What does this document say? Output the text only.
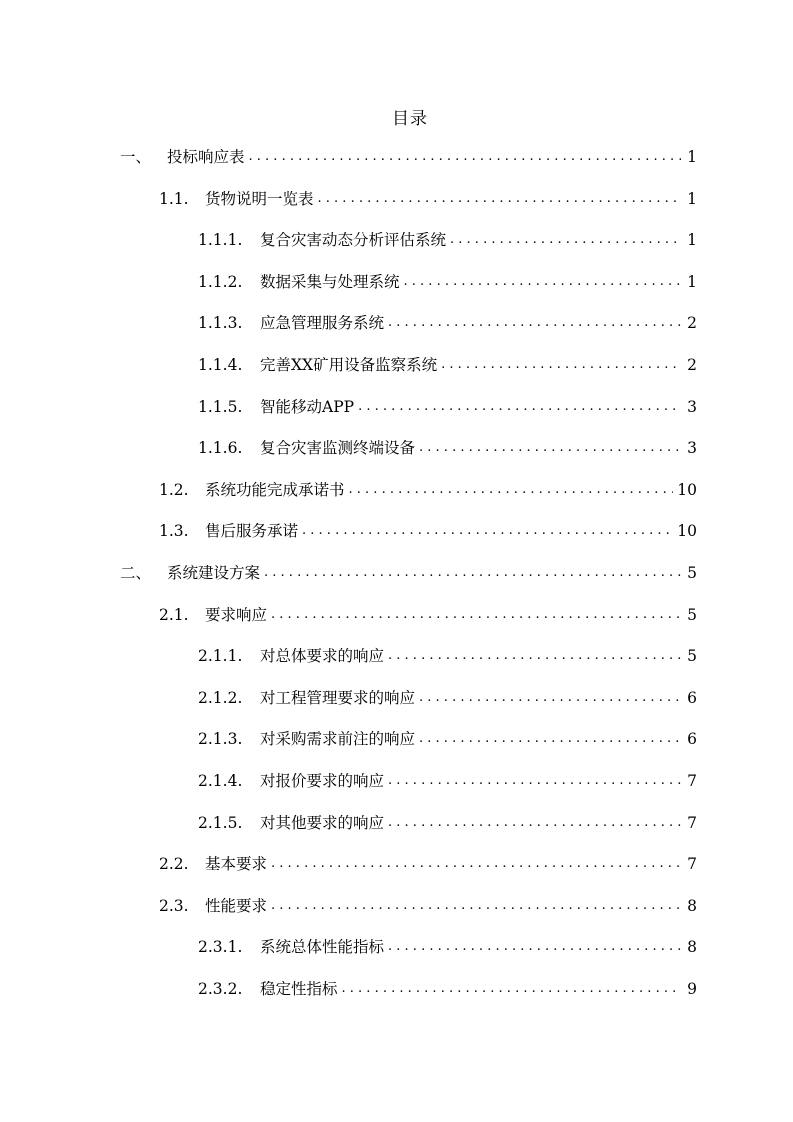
目录
一、	投标响应表 . . .	1
1.1.	货物说明一览表 . . .	1
1.1.1.	复合灾害动态分析评估系统 . . .	1
1.1.2.	数据采集与处理系统 . . .	1
1.1.3.	应急管理服务系统 . . .	2
1.1.4.	完善XX矿用设备监察系统 . . .	2
1.1.5.	智能移动APP . . .	3
1.1.6.	复合灾害监测终端设备 . . .	3
1.2.	系统功能完成承诺书 . . .	10
1.3.	售后服务承诺 . . .	10
二、	系统建设方案 . . .	5
2.1.	要求响应 . . .	5
2.1.1.	对总体要求的响应 . . .	5
2.1.2.	对工程管理要求的响应 . . .	6
2.1.3.	对采购需求前注的响应 . . .	6
2.1.4.	对报价要求的响应 . . .	7
2.1.5.	对其他要求的响应 . . .	7
2.2.	基本要求 . . .	7
2.3.	性能要求 . . .	8
2.3.1.	系统总体性能指标 . . .	8
2.3.2.	稳定性指标 . . .	9
